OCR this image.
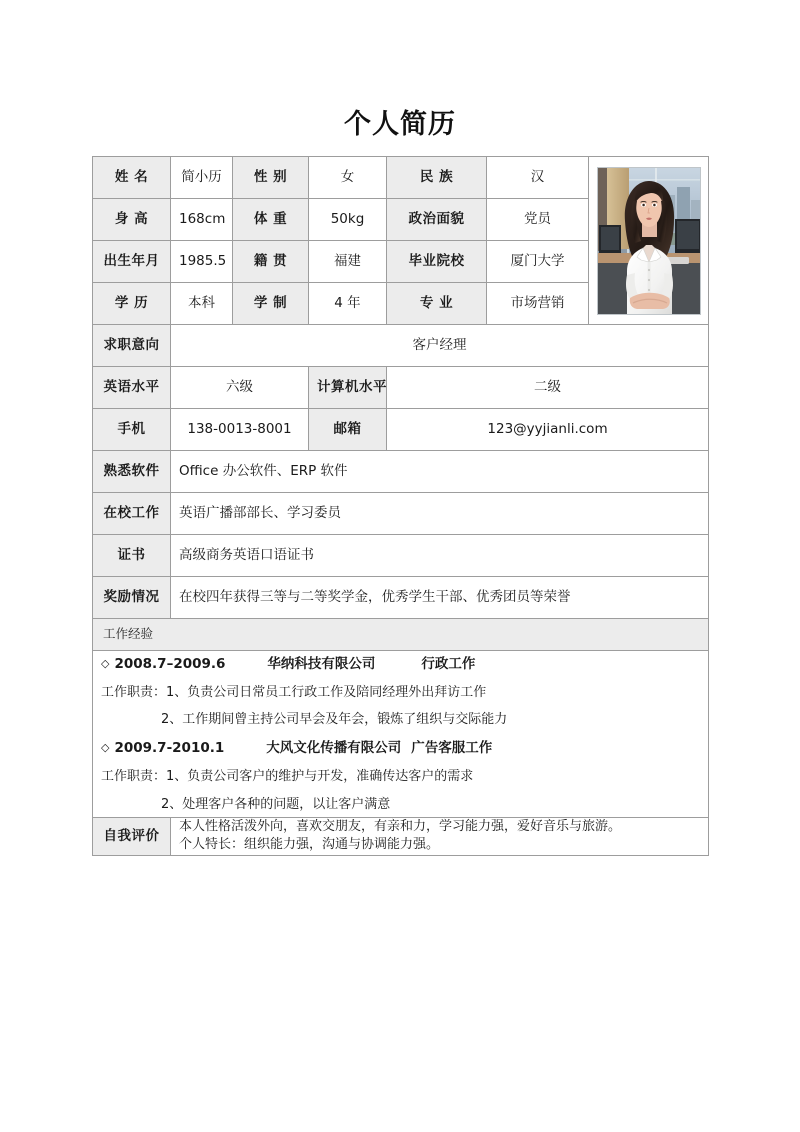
个人简历
姓 名	简小历	性 别	女	民 族	汉	

身 高	168cm	体 重	50kg	政治面貌	党员	
出生年月	1985.5	籍 贯	福建	毕业院校	厦门大学	
学 历	本科	学 制	4 年	专 业	市场营销	
求职意向	客户经理					
英语水平	六级		计算机水平	二级		
手机	138-0013-8001		邮箱	123@yyjianli.com		
熟悉软件	Office 办公软件、ERP 软件					
在校工作	英语广播部部长、学习委员					
证书	高级商务英语口语证书					
奖励情况	在校四年获得三等与二等奖学金，优秀学生干部、优秀团员等荣誉					
工作经验						

◇ 2008.7–2009.6	华纳科技有限公司	行政工作
工作职责：1、负责公司日常员工行政工作及陪同经理外出拜访工作
2、工作期间曾主持公司早会及年会，锻炼了组织与交际能力
◇ 2009.7-2010.1	大风文化传播有限公司 广告客服工作
工作职责：1、负责公司客户的维护与开发，准确传达客户的需求
2、处理客户各种的问题，以让客户满意

自我评价	本人性格活泼外向，喜欢交朋友，有亲和力，学习能力强，爱好音乐与旅游。
个人特长：组织能力强，沟通与协调能力强。					
